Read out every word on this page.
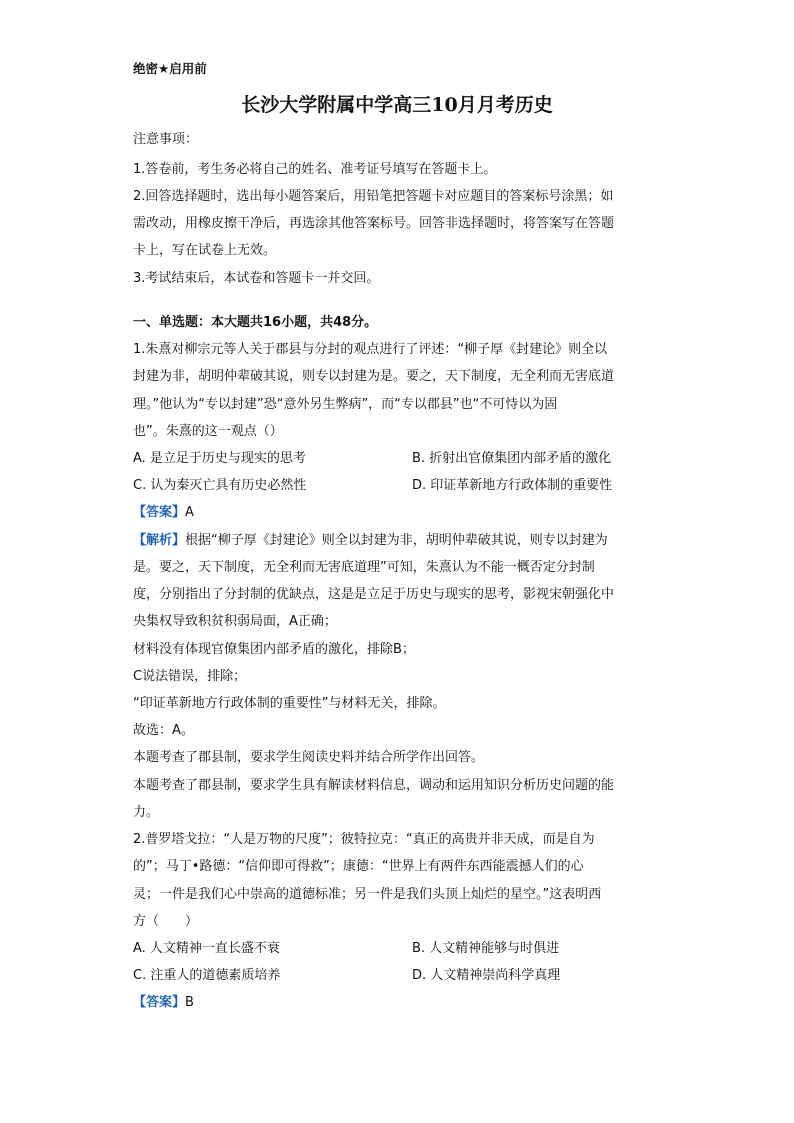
绝密★启用前
长沙大学附属中学高三10月月考历史
注意事项：
1.答卷前，考生务必将自己的姓名、准考证号填写在答题卡上。
2.回答选择题时，选出每小题答案后，用铅笔把答题卡对应题目的答案标号涂黑；如
需改动，用橡皮擦干净后，再选涂其他答案标号。回答非选择题时，将答案写在答题
卡上，写在试卷上无效。
3.考试结束后，本试卷和答题卡一并交回。
一、单选题：本大题共16小题，共48分。
1.朱熹对柳宗元等人关于郡县与分封的观点进行了评述：“柳子厚《封建论》则全以
封建为非，胡明仲辈破其说，则专以封建为是。要之，天下制度，无全利而无害底道
理。”他认为“专以封建”恐“意外另生弊病”，而“专以郡县”也“不可恃以为固
也”。朱熹的这一观点（）
A. 是立足于历史与现实的思考	B. 折射出官僚集团内部矛盾的激化
C. 认为秦灭亡具有历史必然性	D. 印证革新地方行政体制的重要性
【答案】A
【解析】根据“柳子厚《封建论》则全以封建为非，胡明仲辈破其说，则专以封建为
是。要之，天下制度，无全利而无害底道理”可知，朱熹认为不能一概否定分封制
度，分别指出了分封制的优缺点，这是是立足于历史与现实的思考，影视宋朝强化中
央集权导致积贫积弱局面，A正确；
材料没有体现官僚集团内部矛盾的激化，排除B；
C说法错误，排除；
“印证革新地方行政体制的重要性”与材料无关，排除。
故选：A。
本题考查了郡县制，要求学生阅读史料并结合所学作出回答。
本题考查了郡县制，要求学生具有解读材料信息，调动和运用知识分析历史问题的能
力。
2.普罗塔戈拉：“人是万物的尺度”；彼特拉克：“真正的高贵并非天成，而是自为
的”；马丁•路德：“信仰即可得救”；康德：“世界上有两件东西能震撼人们的心
灵；一件是我们心中崇高的道德标准；另一件是我们头顶上灿烂的星空。”这表明西
方（　　）
A. 人文精神一直长盛不衰	B. 人文精神能够与时俱进
C. 注重人的道德素质培养	D. 人文精神崇尚科学真理
【答案】B
